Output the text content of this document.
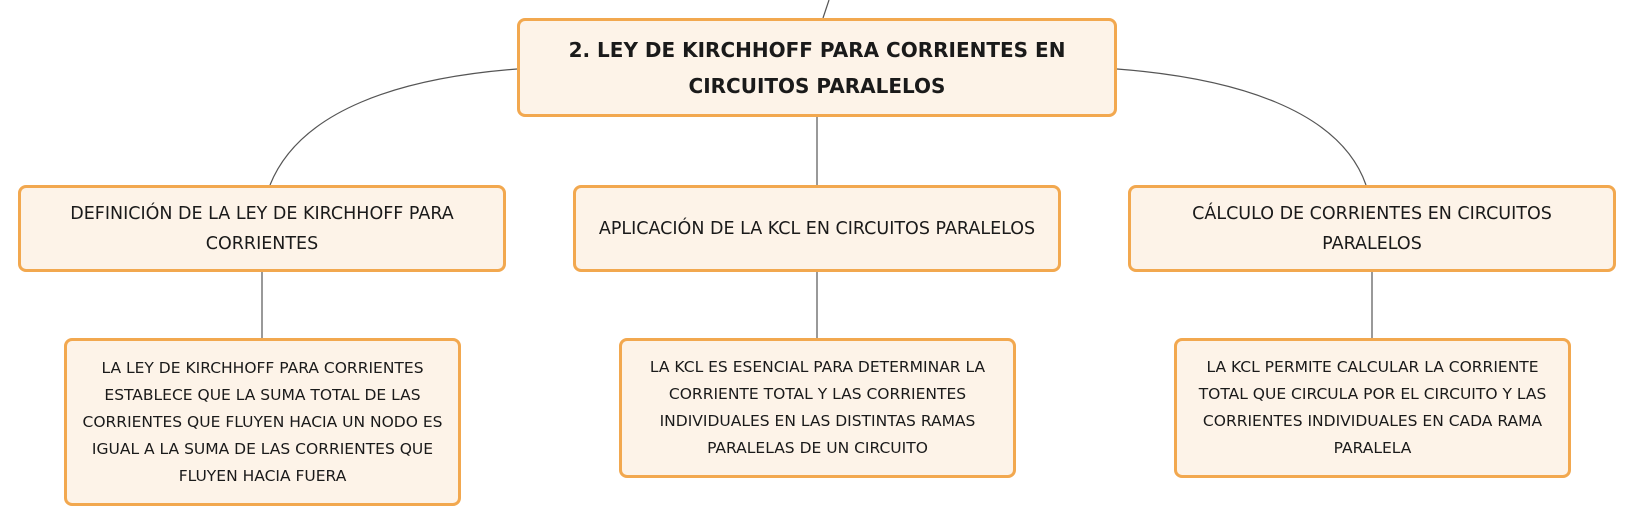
2. LEY DE KIRCHHOFF PARA CORRIENTES EN CIRCUITOS PARALELOS
DEFINICIÓN DE LA LEY DE KIRCHHOFF PARA CORRIENTES
APLICACIÓN DE LA KCL EN CIRCUITOS PARALELOS
CÁLCULO DE CORRIENTES EN CIRCUITOS PARALELOS
LA LEY DE KIRCHHOFF PARA CORRIENTES ESTABLECE QUE LA SUMA TOTAL DE LAS CORRIENTES QUE FLUYEN HACIA UN NODO ES IGUAL A LA SUMA DE LAS CORRIENTES QUE FLUYEN HACIA FUERA
LA KCL ES ESENCIAL PARA DETERMINAR LA CORRIENTE TOTAL Y LAS CORRIENTES INDIVIDUALES EN LAS DISTINTAS RAMAS PARALELAS DE UN CIRCUITO
LA KCL PERMITE CALCULAR LA CORRIENTE TOTAL QUE CIRCULA POR EL CIRCUITO Y LAS CORRIENTES INDIVIDUALES EN CADA RAMA PARALELA
